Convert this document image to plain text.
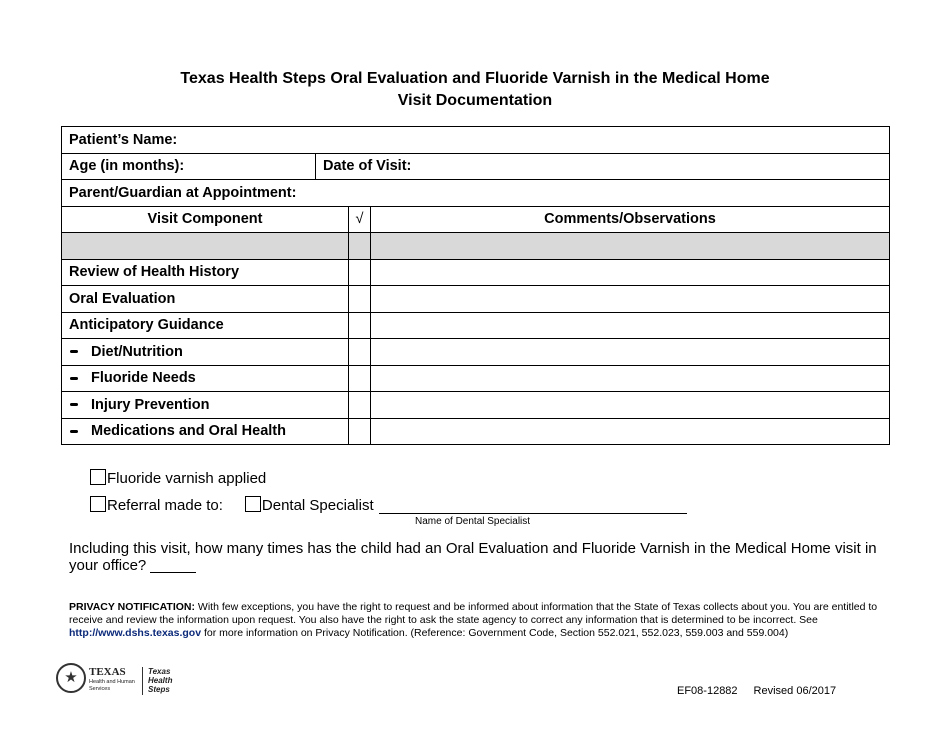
Texas Health Steps Oral Evaluation and Fluoride Varnish in the Medical Home
Visit Documentation
Patient’s Name:			
Age (in months):	Date of Visit:		
Parent/Guardian at Appointment:			
Visit Component		√	Comments/Observations

Review of Health History			
Oral Evaluation			
Anticipatory Guidance			
Diet/Nutrition			
Fluoride Needs			
Injury Prevention			
Medications and Oral Health			
Fluoride varnish applied
Referral made to:	Dental Specialist
Name of Dental Specialist
Including this visit, how many times has the child had an Oral Evaluation and Fluoride Varnish in the Medical Home visit in your office?
PRIVACY NOTIFICATION: With few exceptions, you have the right to request and be informed about information that the State of Texas collects about you. You are entitled to receive and review the information upon request. You also have the right to ask the state agency to correct any information that is determined to be incorrect. See http://www.dshs.texas.gov for more information on Privacy Notification. (Reference: Government Code, Section 552.021, 552.023, 559.003 and 559.004)
★	TEXAS
Health and Human Services
Texas Health Steps	EF08-12882 Revised 06/2017
